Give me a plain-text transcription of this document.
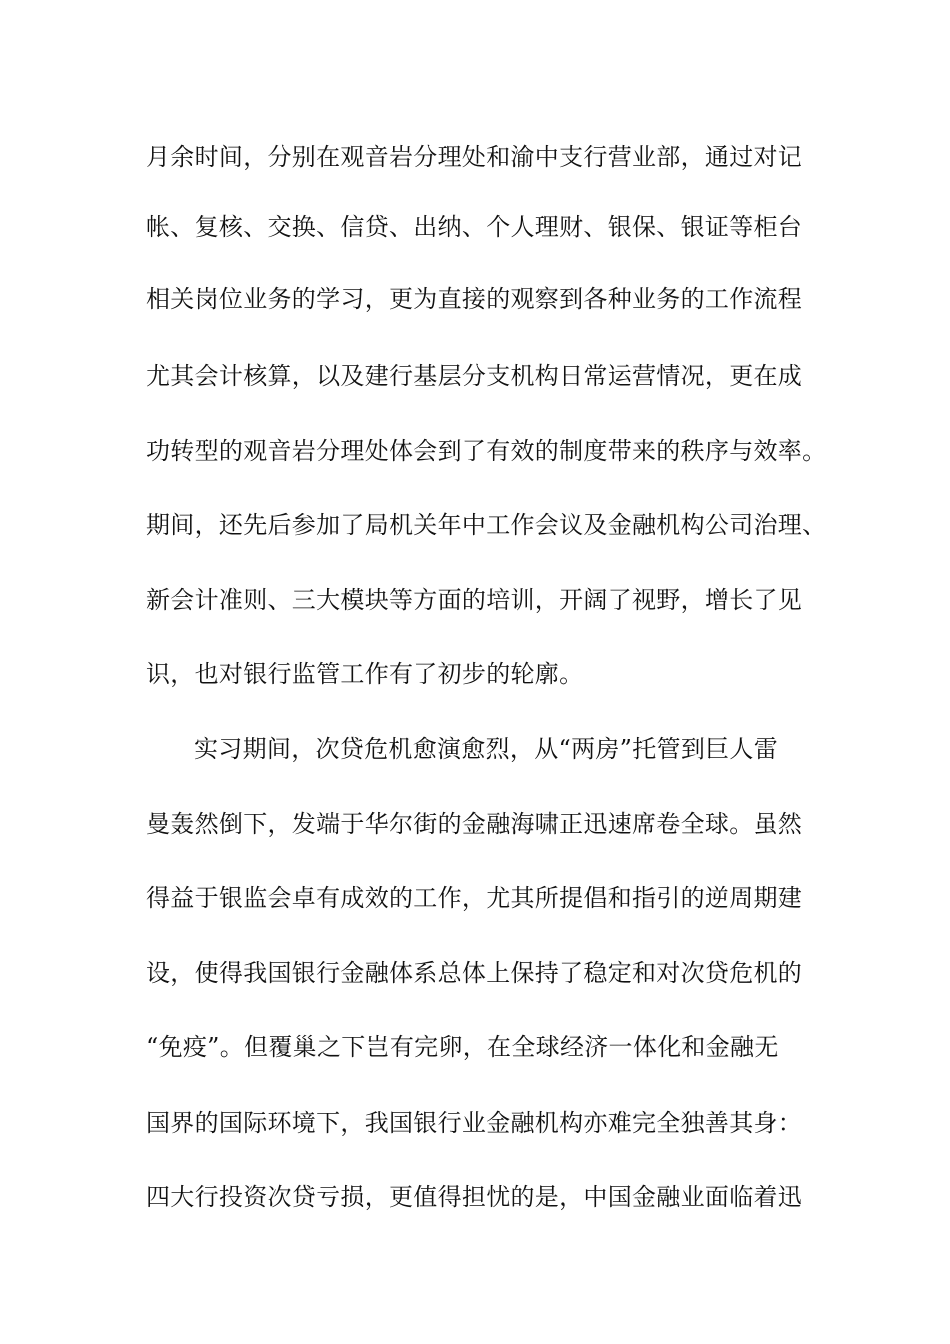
月余时间，分别在观音岩分理处和渝中支行营业部，通过对记
帐、复核、交换、信贷、出纳、个人理财、银保、银证等柜台
相关岗位业务的学习，更为直接的观察到各种业务的工作流程
尤其会计核算，以及建行基层分支机构日常运营情况，更在成
功转型的观音岩分理处体会到了有效的制度带来的秩序与效率。
期间，还先后参加了局机关年中工作会议及金融机构公司治理、
新会计准则、三大模块等方面的培训，开阔了视野，增长了见
识，也对银行监管工作有了初步的轮廓。
实习期间，次贷危机愈演愈烈，从“两房”托管到巨人雷
曼轰然倒下，发端于华尔街的金融海啸正迅速席卷全球。虽然
得益于银监会卓有成效的工作，尤其所提倡和指引的逆周期建
设，使得我国银行金融体系总体上保持了稳定和对次贷危机的
“免疫”。但覆巢之下岂有完卵，在全球经济一体化和金融无
国界的国际环境下，我国银行业金融机构亦难完全独善其身：
四大行投资次贷亏损，更值得担忧的是，中国金融业面临着迅
